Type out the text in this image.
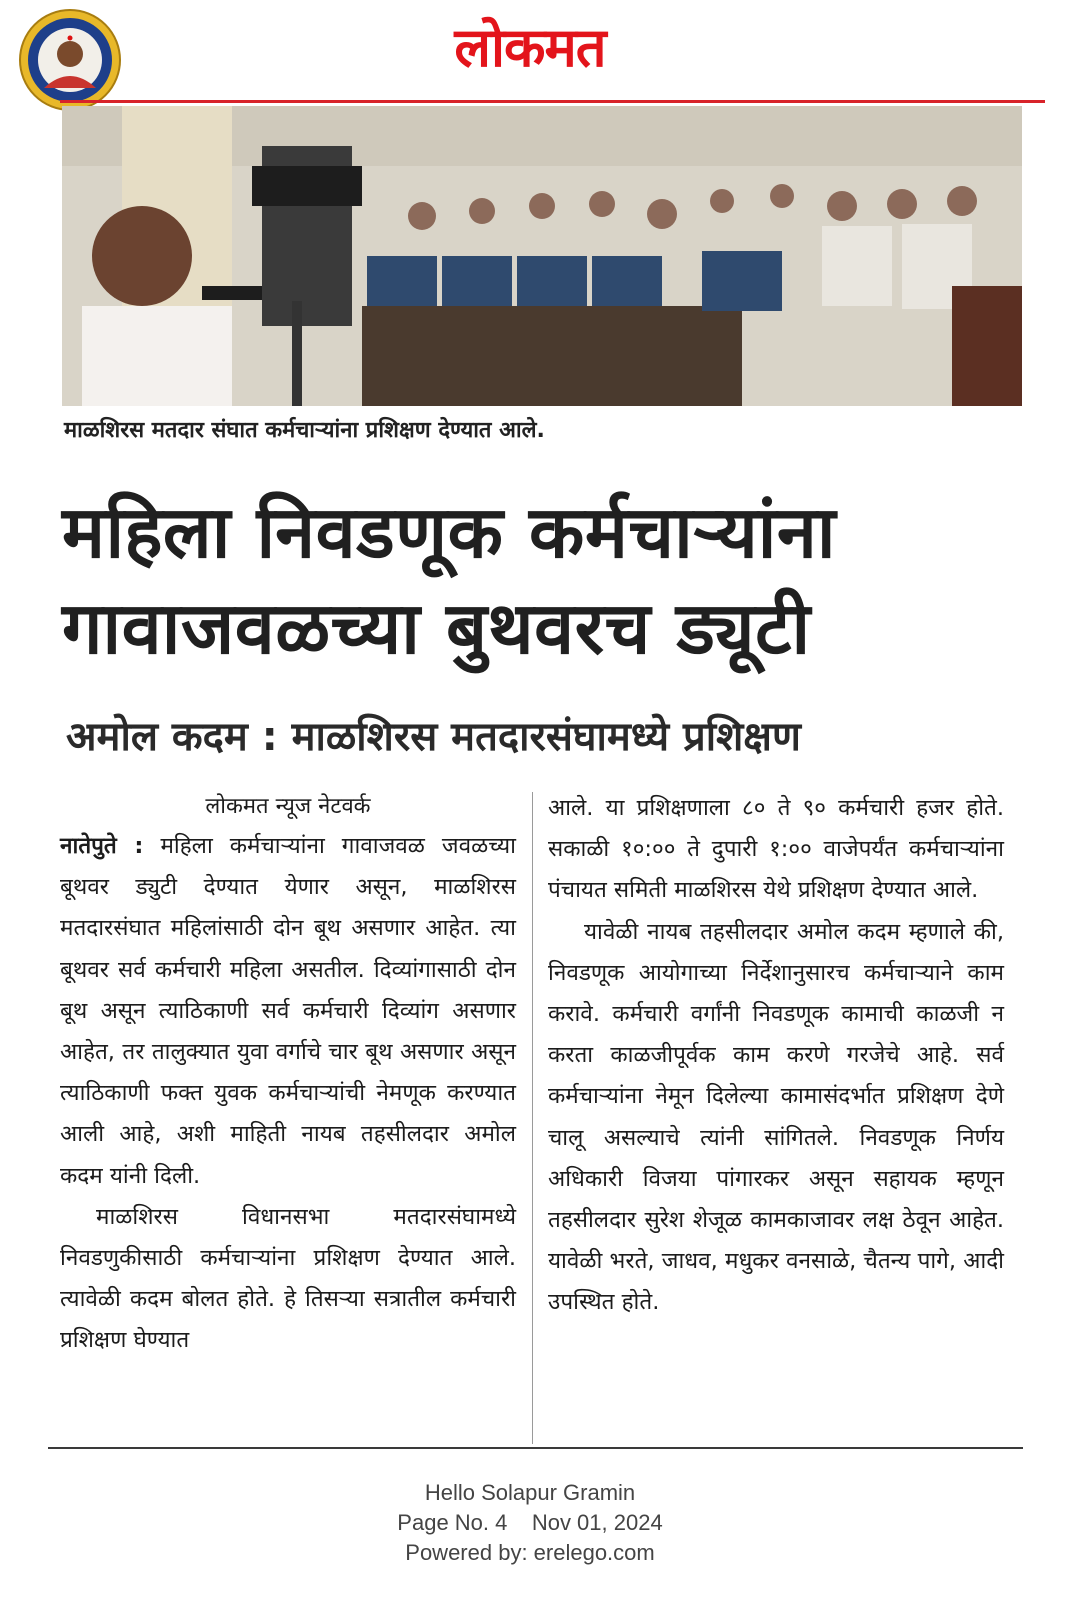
लोकमत
माळशिरस मतदार संघात कर्मचाऱ्यांना प्रशिक्षण देण्यात आले.
महिला निवडणूक कर्मचाऱ्यांना
गावाजवळच्या बुथवरच ड्यूटी
अमोल कदम : माळशिरस मतदारसंघामध्ये प्रशिक्षण
लोकमत न्यूज नेटवर्क

नातेपुते : महिला कर्मचाऱ्यांना गावाजवळ जवळच्या बूथवर ड्युटी देण्यात येणार असून, माळशिरस मतदारसंघात महिलांसाठी दोन बूथ असणार आहेत. त्या बूथवर सर्व कर्मचारी महिला असतील. दिव्यांगासाठी दोन बूथ असून त्याठिकाणी सर्व कर्मचारी दिव्यांग असणार आहेत, तर तालुक्यात युवा वर्गाचे चार बूथ असणार असून त्याठिकाणी फक्त युवक कर्मचाऱ्यांची नेमणूक करण्यात आली आहे, अशी माहिती नायब तहसीलदार अमोल कदम यांनी दिली.

माळशिरस विधानसभा मतदारसंघामध्ये निवडणुकीसाठी कर्मचाऱ्यांना प्रशिक्षण देण्यात आले. त्यावेळी कदम बोलत होते. हे तिसऱ्या सत्रातील कर्मचारी प्रशिक्षण घेण्यात

आले. या प्रशिक्षणाला ८० ते ९० कर्मचारी हजर होते. सकाळी १०:०० ते दुपारी १:०० वाजेपर्यंत कर्मचाऱ्यांना पंचायत समिती माळशिरस येथे प्रशिक्षण देण्यात आले.

यावेळी नायब तहसीलदार अमोल कदम म्हणाले की, निवडणूक आयोगाच्या निर्देशानुसारच कर्मचाऱ्याने काम करावे. कर्मचारी वर्गांनी निवडणूक कामाची काळजी न करता काळजीपूर्वक काम करणे गरजेचे आहे. सर्व कर्मचाऱ्यांना नेमून दिलेल्या कामासंदर्भात प्रशिक्षण देणे चालू असल्याचे त्यांनी सांगितले. निवडणूक निर्णय अधिकारी विजया पांगारकर असून सहायक म्हणून तहसीलदार सुरेश शेजूळ कामकाजावर लक्ष ठेवून आहेत. यावेळी भरते, जाधव, मधुकर वनसाळे, चैतन्य पागे, आदी उपस्थित होते.

Hello Solapur Gramin
Page No. 4    Nov 01, 2024
Powered by: erelego.com
